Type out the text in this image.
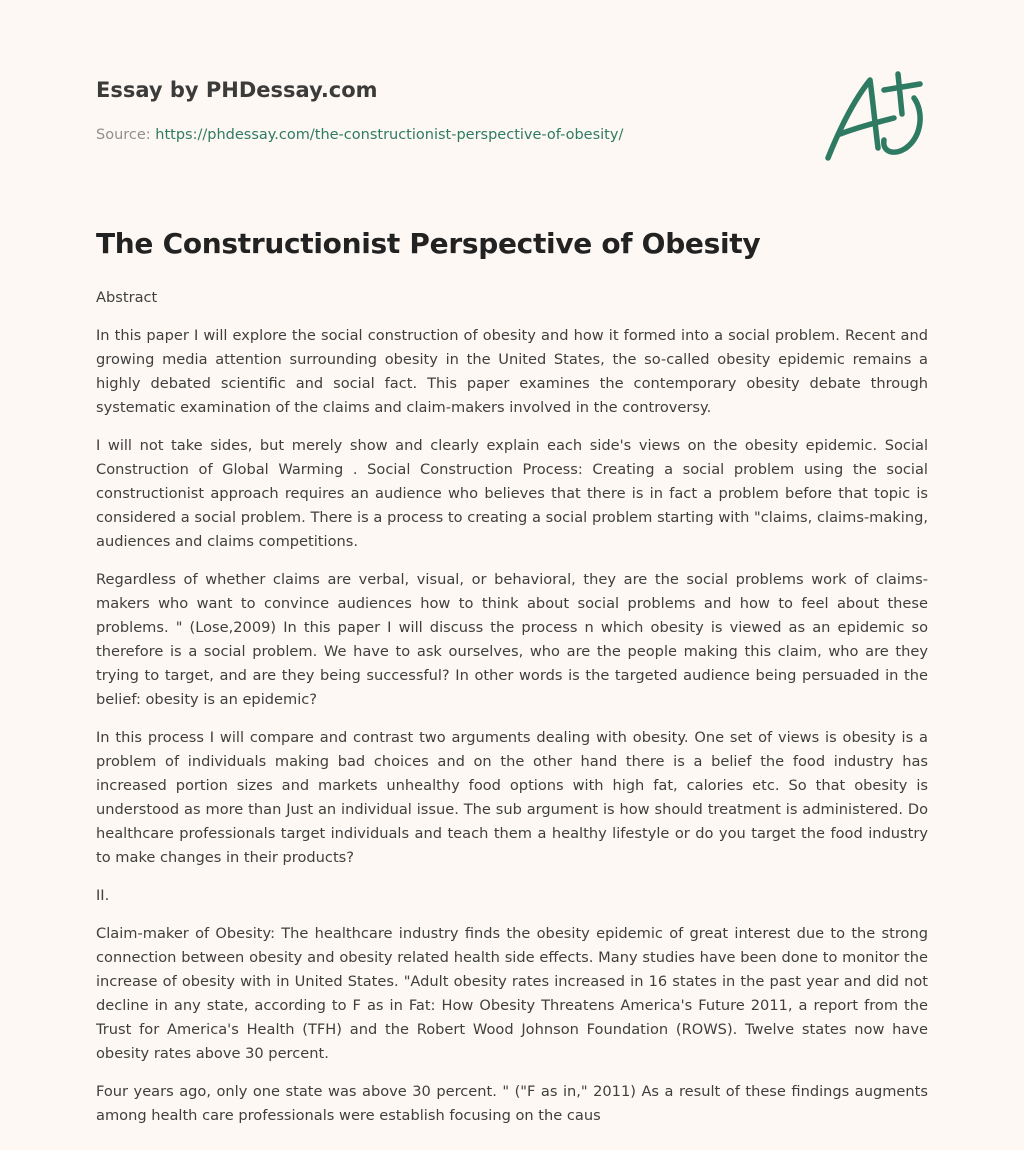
Essay by PHDessay.com
Source: https://phdessay.com/the-constructionist-perspective-of-obesity/
The Constructionist Perspective of Obesity

Abstract

In this paper I will explore the social construction of obesity and how it formed into a social problem. Recent and growing media attention surrounding obesity in the United States, the so-called obesity epidemic remains a highly debated scientific and social fact. This paper examines the contemporary obesity debate through systematic examination of the claims and claim-makers involved in the controversy.

I will not take sides, but merely show and clearly explain each side's views on the obesity epidemic. Social Construction of Global Warming . Social Construction Process: Creating a social problem using the social constructionist approach requires an audience who believes that there is in fact a problem before that topic is considered a social problem. There is a process to creating a social problem starting with "claims, claims-making, audiences and claims competitions.

Regardless of whether claims are verbal, visual, or behavioral, they are the social problems work of claims-makers who want to convince audiences how to think about social problems and how to feel about these problems. " (Lose,2009) In this paper I will discuss the process n which obesity is viewed as an epidemic so therefore is a social problem. We have to ask ourselves, who are the people making this claim, who are they trying to target, and are they being successful? In other words is the targeted audience being persuaded in the belief: obesity is an epidemic?

In this process I will compare and contrast two arguments dealing with obesity. One set of views is obesity is a problem of individuals making bad choices and on the other hand there is a belief the food industry has increased portion sizes and markets unhealthy food options with high fat, calories etc. So that obesity is understood as more than Just an individual issue. The sub argument is how should treatment is administered. Do healthcare professionals target individuals and teach them a healthy lifestyle or do you target the food industry to make changes in their products?

II.

Claim-maker of Obesity: The healthcare industry finds the obesity epidemic of great interest due to the strong connection between obesity and obesity related health side effects. Many studies have been done to monitor the increase of obesity with in United States. "Adult obesity rates increased in 16 states in the past year and did not decline in any state, according to F as in Fat: How Obesity Threatens America's Future 2011, a report from the Trust for America's Health (TFH) and the Robert Wood Johnson Foundation (ROWS). Twelve states now have obesity rates above 30 percent.

Four years ago, only one state was above 30 percent. " ("F as in," 2011) As a result of these findings augments among health care professionals were establish focusing on the caus
